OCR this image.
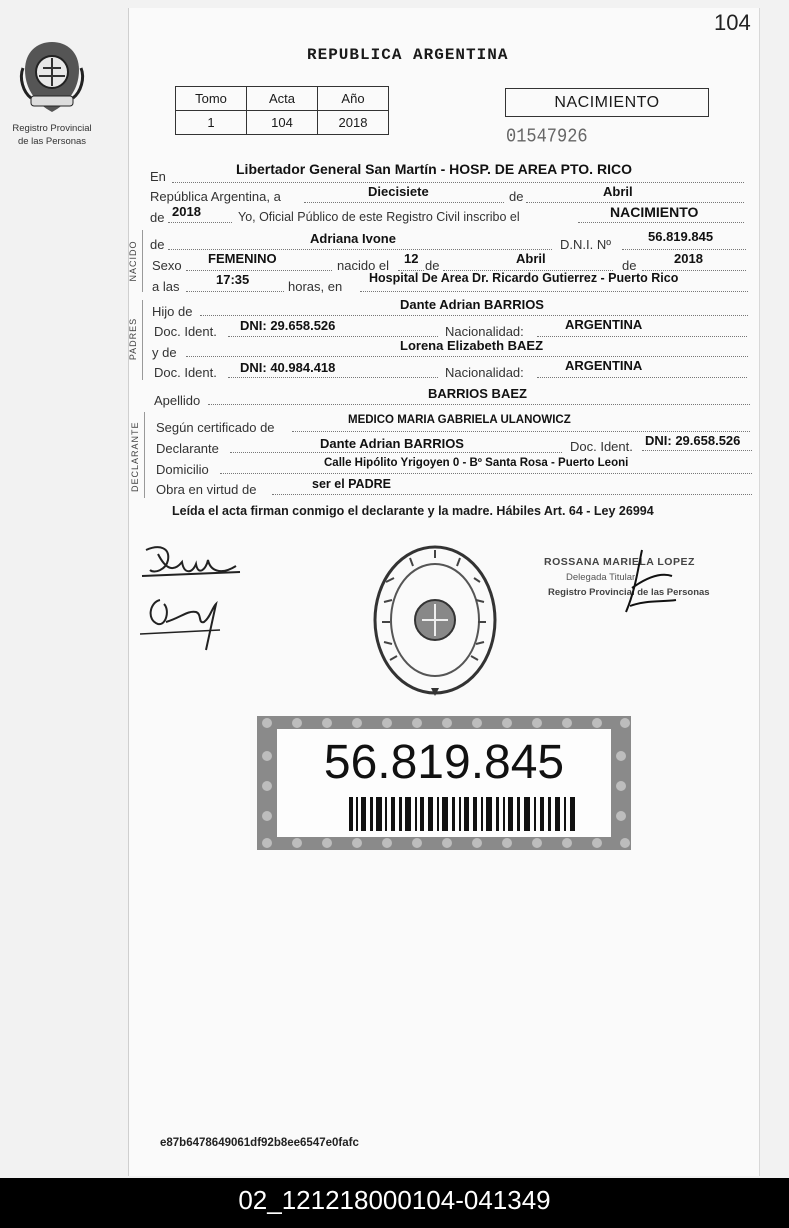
104
Registro Provincial
de las Personas
REPUBLICA ARGENTINA
Tomo	Acta	Año
1	104	2018
NACIMIENTO
01547926
En	Libertador General San Martín - HOSP. DE AREA PTO. RICO
República Argentina, a	Diecisiete	de	Abril
de 2018	Yo, Oficial Público de este Registro Civil inscribo el	NACIMIENTO
NACIDO de	Adriana Ivone	D.N.I. Nº
56.819.845
Sexo FEMENINO	nacido el 12 de	Abril	de	2018
a las	17:35	horas, en
Hospital De Area Dr. Ricardo Gutierrez - Puerto Rico
PADRES
Hijo de	Dante Adrian BARRIOS
Doc. Ident. DNI: 29.658.526	Nacionalidad:	ARGENTINA
y de	Lorena Elizabeth BAEZ
Doc. Ident. DNI: 40.984.418	Nacionalidad:	ARGENTINA
Apellido	BARRIOS BAEZ
DECLARANTE Según certificado de	MEDICO MARIA GABRIELA ULANOWICZ
Declarante	Dante Adrian BARRIOS	Doc. Ident. DNI: 29.658.526
Domicilio	Calle Hipólito Yrigoyen 0 - Bº Santa Rosa - Puerto Leoni
Obra en virtud de	ser el PADRE
Leída el acta firman conmigo el declarante y la madre. Hábiles Art. 64 - Ley 26994
ROSSANA MARIELA LOPEZ
Delegada Titular
Registro Provincial de las Personas
56.819.845
e87b6478649061df92b8ee6547e0fafc
02_121218000104-041349
